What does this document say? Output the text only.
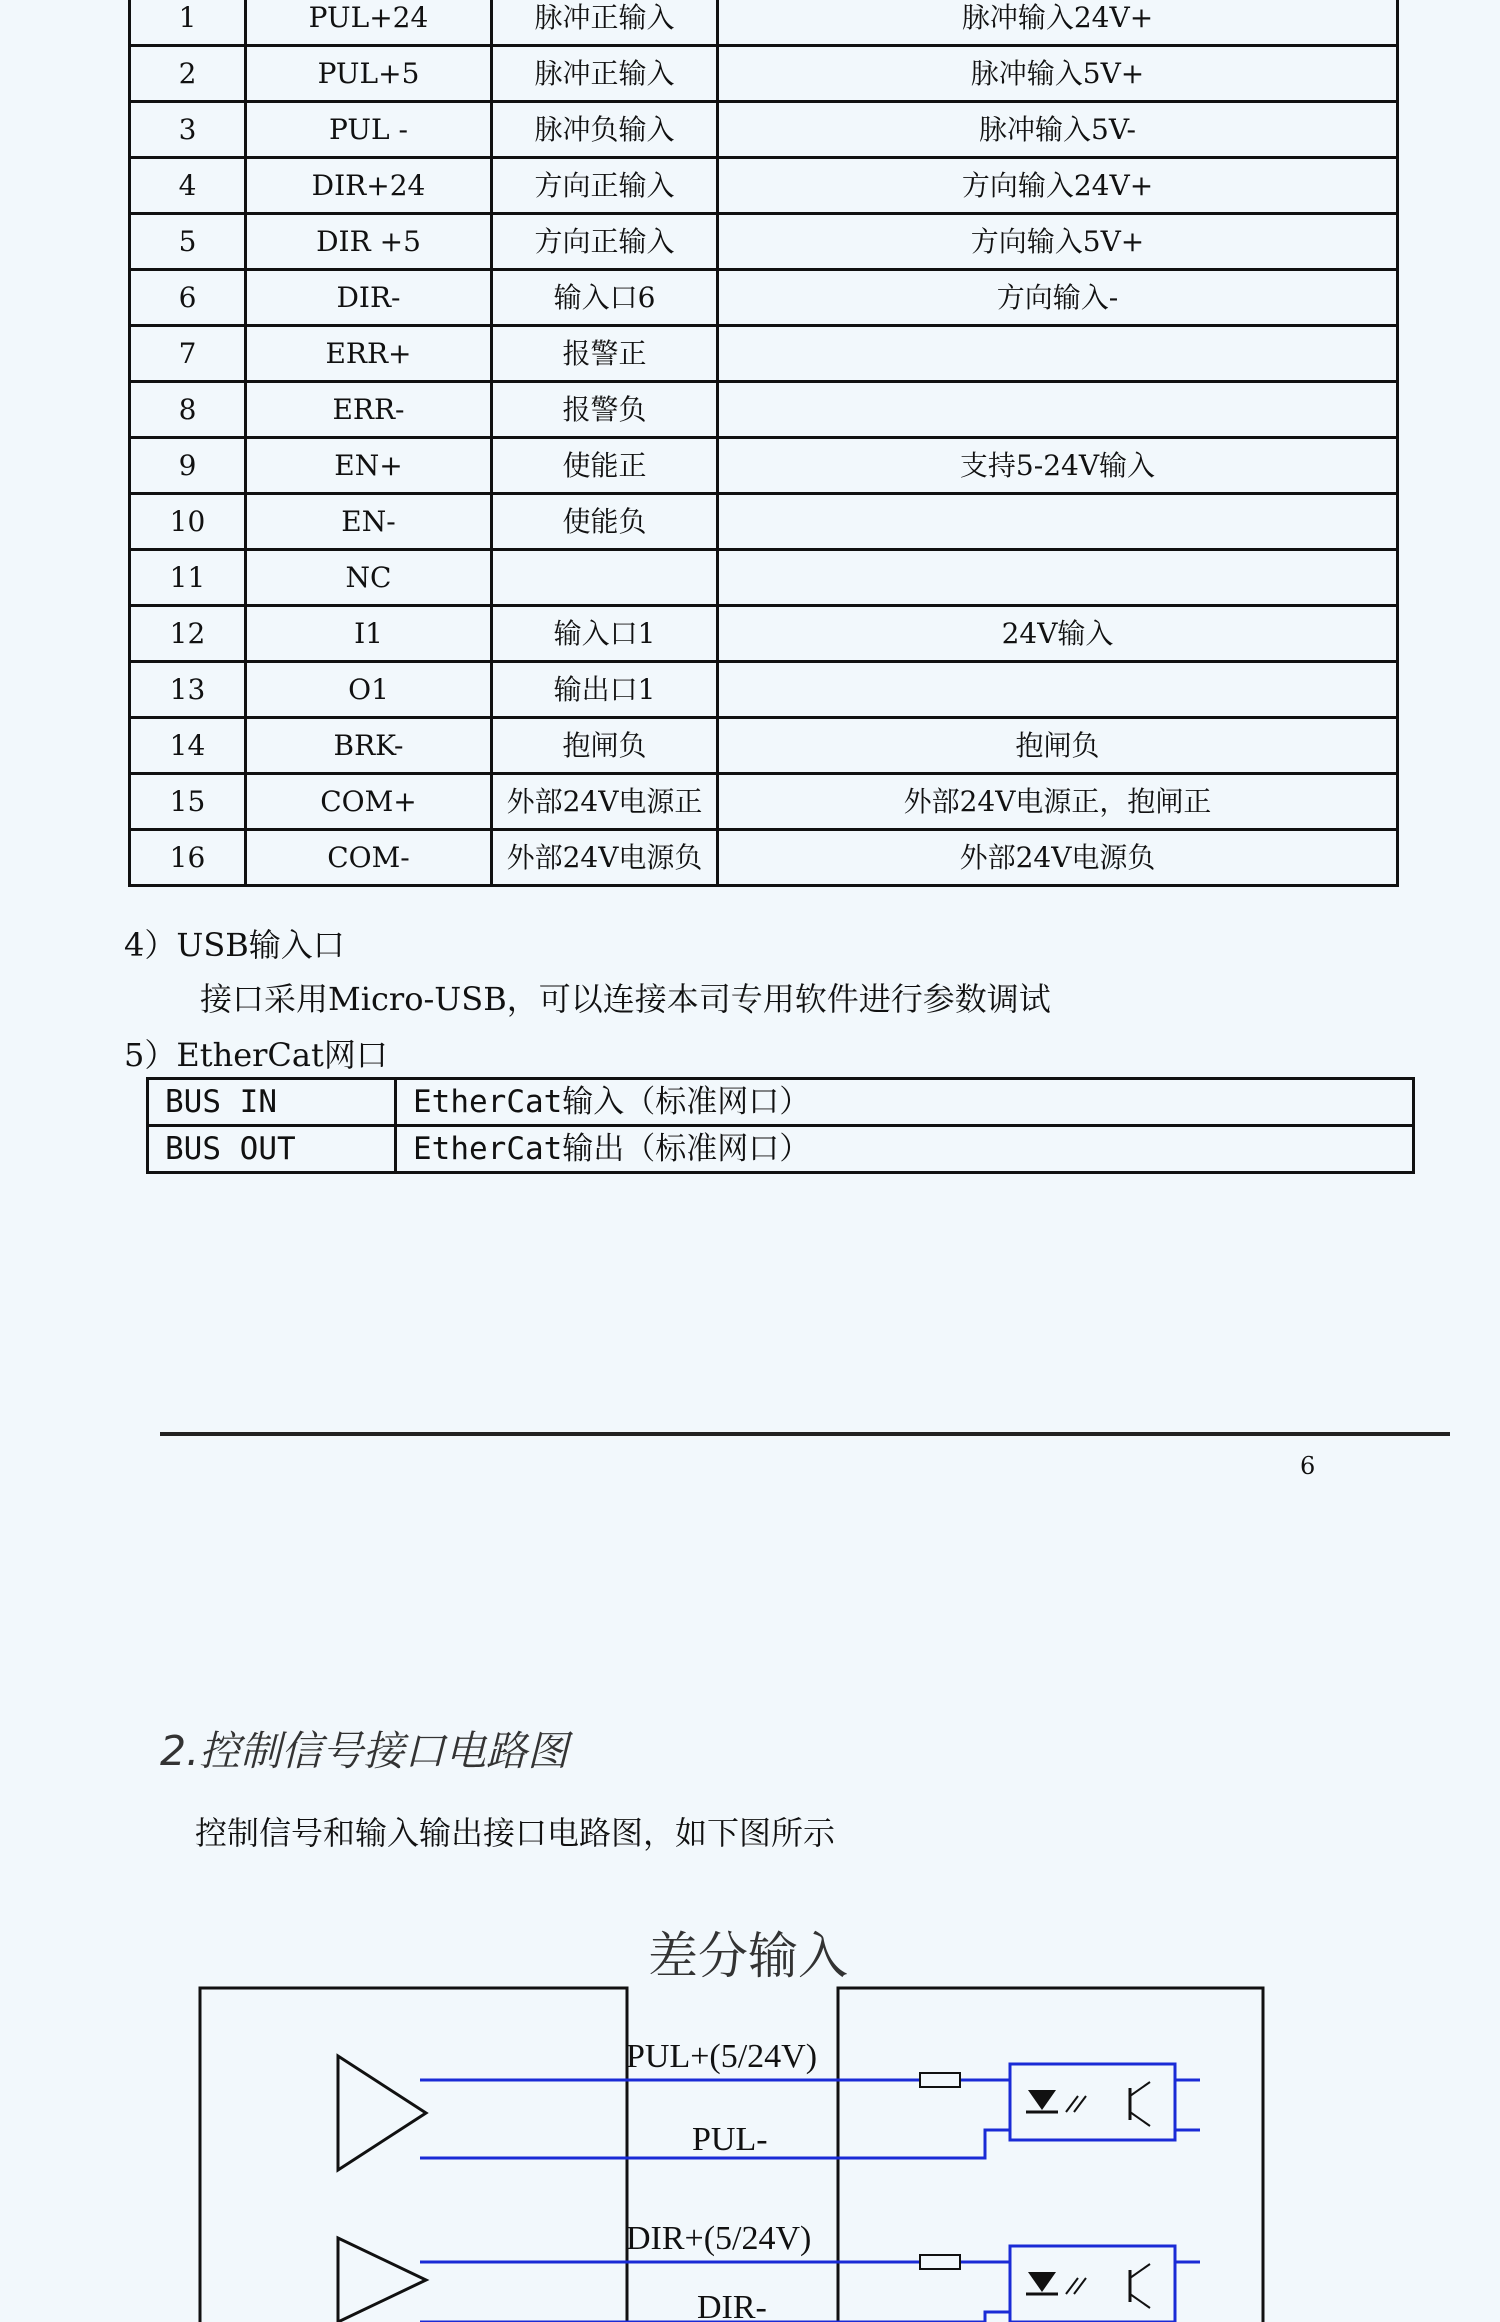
1	PUL+24	脉冲正输入	脉冲输入24V+
2	PUL+5	脉冲正输入	脉冲输入5V+
3	PUL -	脉冲负输入	脉冲输入5V-
4	DIR+24	方向正输入	方向输入24V+
5	DIR +5	方向正输入	方向输入5V+
6	DIR-	输入口6	方向输入-
7	ERR+	报警正	
8	ERR-	报警负	
9	EN+	使能正	支持5-24V输入
10	EN-	使能负	
11	NC		
12	I1	输入口1	24V输入
13	O1	输出口1	
14	BRK-	抱闸负	抱闸负
15	COM+	外部24V电源正	外部24V电源正，抱闸正
16	COM-	外部24V电源负	外部24V电源负
4）USB输入口
接口采用Micro-USB，可以连接本司专用软件进行参数调试
5）EtherCat网口
BUS IN	EtherCat输入（标准网口）
BUS OUT	EtherCat输出（标准网口）
6
2.控制信号接口电路图
控制信号和输入输出接口电路图，如下图所示
差分输入
PUL+(5/24V)
PUL-
DIR+(5/24V)
DIR-
